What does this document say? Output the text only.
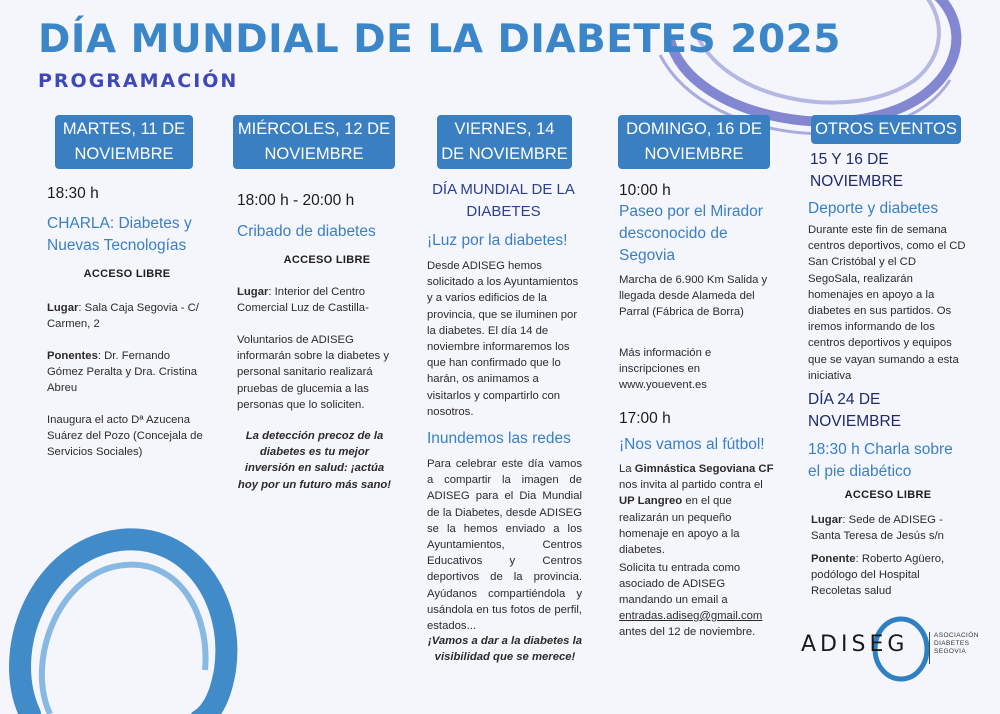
DÍA MUNDIAL DE LA DIABETES 2025
PROGRAMACIÓN
MARTES, 11 DE NOVIEMBRE

18:30 h

CHARLA: Diabetes y Nuevas Tecnologías

ACCESO LIBRE

Lugar: Sala Caja Segovia - C/ Carmen, 2

Ponentes: Dr. Fernando Gómez Peralta y Dra. Cristina Abreu

Inaugura el acto Dª Azucena Suárez del Pozo (Concejala de Servicios Sociales)

MIÉRCOLES, 12 DE NOVIEMBRE

18:00 h - 20:00 h

Cribado de diabetes

ACCESO LIBRE

Lugar: Interior del Centro Comercial Luz de Castilla-

Voluntarios de ADISEG informarán sobre la diabetes y personal sanitario realizará pruebas de glucemia a las personas que lo soliciten.

La detección precoz de la diabetes es tu mejor inversión en salud: ¡actúa hoy por un futuro más sano!

VIERNES, 14 DE NOVIEMBRE

DÍA MUNDIAL DE LA DIABETES

¡Luz por la diabetes!

Desde ADISEG hemos solicitado a los Ayuntamientos y a varios edificios de la provincia, que se iluminen por la diabetes. El día 14 de noviembre informaremos los que han confirmado que lo harán, os animamos a visitarlos y compartirlo con nosotros.

Inundemos las redes

Para celebrar este día vamos a compartir la imagen de ADISEG para el Dia Mundial de la Diabetes, desde ADISEG se la hemos enviado a los Ayuntamientos, Centros Educativos y Centros deportivos de la provincia. Ayúdanos compartiéndola y usándola en tus fotos de perfil, estados...

¡Vamos a dar a la diabetes la visibilidad que se merece!

DOMINGO, 16 DE NOVIEMBRE

10:00 h

Paseo por el Mirador desconocido de Segovia

Marcha de 6.900 Km Salida y llegada desde Alameda del Parral (Fábrica de Borra)

Más información e inscripciones en www.youevent.es

17:00 h

¡Nos vamos al fútbol!

La Gimnástica Segoviana CF nos invita al partido contra el UP Langreo en el que realizarán un pequeño homenaje en apoyo a la diabetes.

Solicita tu entrada como asociado de ADISEG mandando un email a

entradas.adiseg@gmail.com

antes del 12 de noviembre.

OTROS EVENTOS

15 Y 16 DE NOVIEMBRE

Deporte y diabetes

Durante este fin de semana centros deportivos, como el CD San Cristóbal y el CD SegoSala, realizarán homenajes en apoyo a la diabetes en sus partidos. Os iremos informando de los centros deportivos y equipos que se vayan sumando a esta iniciativa

DÍA 24 DE NOVIEMBRE

18:30 h Charla sobre el pie diabético

ACCESO LIBRE

Lugar: Sede de ADISEG - Santa Teresa de Jesús s/n

Ponente: Roberto Agüero, podólogo del Hospital Recoletas salud

ADISEG	ASOCIACIÓN
DIABETES
SEGOVIA
